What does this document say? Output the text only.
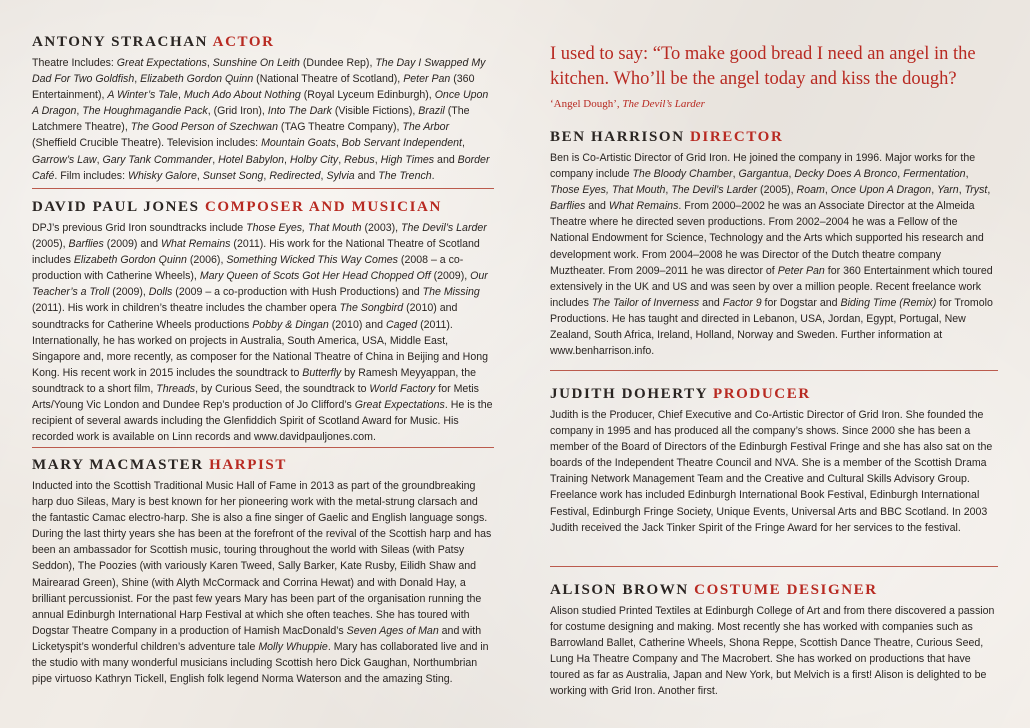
ANTONY STRACHAN ACTOR

Theatre Includes: Great Expectations, Sunshine On Leith (Dundee Rep), The Day I Swapped My Dad For Two Goldfish, Elizabeth Gordon Quinn (National Theatre of Scotland), Peter Pan (360 Entertainment), A Winter’s Tale, Much Ado About Nothing (Royal Lyceum Edinburgh), Once Upon A Dragon, The Houghmagandie Pack, (Grid Iron), Into The Dark (Visible Fictions), Brazil (The Latchmere Theatre), The Good Person of Szechwan (TAG Theatre Company), The Arbor (Sheffield Crucible Theatre). Television includes: Mountain Goats, Bob Servant Independent, Garrow’s Law, Gary Tank Commander, Hotel Babylon, Holby City, Rebus, High Times and Border Café. Film includes: Whisky Galore, Sunset Song, Redirected, Sylvia and The Trench.

DAVID PAUL JONES COMPOSER AND MUSICIAN

DPJ’s previous Grid Iron soundtracks include Those Eyes, That Mouth (2003), The Devil’s Larder (2005), Barflies (2009) and What Remains (2011). His work for the National Theatre of Scotland includes Elizabeth Gordon Quinn (2006), Something Wicked This Way Comes (2008 – a co-production with Catherine Wheels), Mary Queen of Scots Got Her Head Chopped Off (2009), Our Teacher’s a Troll (2009), Dolls (2009 – a co-production with Hush Productions) and The Missing (2011). His work in children’s theatre includes the chamber opera The Songbird (2010) and soundtracks for Catherine Wheels productions Pobby & Dingan (2010) and Caged (2011). Internationally, he has worked on projects in Australia, South America, USA, Middle East, Singapore and, more recently, as composer for the National Theatre of China in Beijing and Hong Kong. His recent work in 2015 includes the soundtrack to Butterfly by Ramesh Meyyappan, the soundtrack to a short film, Threads, by Curious Seed, the soundtrack to World Factory for Metis Arts/Young Vic London and Dundee Rep’s production of Jo Clifford’s Great Expectations. He is the recipient of several awards including the Glenfiddich Spirit of Scotland Award for Music. His recorded work is available on Linn records and www.davidpauljones.com.

MARY MACMASTER HARPIST

Inducted into the Scottish Traditional Music Hall of Fame in 2013 as part of the groundbreaking harp duo Sileas, Mary is best known for her pioneering work with the metal-strung clarsach and the fantastic Camac electro-harp. She is also a fine singer of Gaelic and English language songs. During the last thirty years she has been at the forefront of the revival of the Scottish harp and has been an ambassador for Scottish music, touring throughout the world with Sileas (with Patsy Seddon), The Poozies (with variously Karen Tweed, Sally Barker, Kate Rusby, Eilidh Shaw and Mairearad Green), Shine (with Alyth McCormack and Corrina Hewat) and with Donald Hay, a brilliant percussionist. For the past few years Mary has been part of the organisation running the annual Edinburgh International Harp Festival at which she often teaches. She has toured with Dogstar Theatre Company in a production of Hamish MacDonald’s Seven Ages of Man and with Licketyspit’s wonderful children’s adventure tale Molly Whuppie. Mary has collaborated live and in the studio with many wonderful musicians including Scottish hero Dick Gaughan, Northumbrian pipe virtuoso Kathryn Tickell, English folk legend Norma Waterson and the amazing Sting.

I used to say: “To make good bread I need an angel in the kitchen. Who’ll be the angel today and kiss the dough?

‘Angel Dough’, The Devil’s Larder

BEN HARRISON DIRECTOR

Ben is Co-Artistic Director of Grid Iron. He joined the company in 1996. Major works for the company include The Bloody Chamber, Gargantua, Decky Does A Bronco, Fermentation, Those Eyes, That Mouth, The Devil’s Larder (2005), Roam, Once Upon A Dragon, Yarn, Tryst, Barflies and What Remains. From 2000–2002 he was an Associate Director at the Almeida Theatre where he directed seven productions. From 2002–2004 he was a Fellow of the National Endowment for Science, Technology and the Arts which supported his research and development work. From 2004–2008 he was Director of the Dutch theatre company Muztheater. From 2009–2011 he was director of Peter Pan for 360 Entertainment which toured extensively in the UK and US and was seen by over a million people. Recent freelance work includes The Tailor of Inverness and Factor 9 for Dogstar and Biding Time (Remix) for Tromolo Productions. He has taught and directed in Lebanon, USA, Jordan, Egypt, Portugal, New Zealand, South Africa, Ireland, Holland, Norway and Sweden. Further information at www.benharrison.info.

JUDITH DOHERTY PRODUCER

Judith is the Producer, Chief Executive and Co-Artistic Director of Grid Iron. She founded the company in 1995 and has produced all the company’s shows. Since 2000 she has been a member of the Board of Directors of the Edinburgh Festival Fringe and she has also sat on the boards of the Independent Theatre Council and NVA. She is a member of the Scottish Drama Training Network Management Team and the Creative and Cultural Skills Advisory Group. Freelance work has included Edinburgh International Book Festival, Edinburgh International Festival, Edinburgh Fringe Society, Unique Events, Universal Arts and BBC Scotland. In 2003 Judith received the Jack Tinker Spirit of the Fringe Award for her services to the festival.

ALISON BROWN COSTUME DESIGNER

Alison studied Printed Textiles at Edinburgh College of Art and from there discovered a passion for costume designing and making. Most recently she has worked with companies such as Barrowland Ballet, Catherine Wheels, Shona Reppe, Scottish Dance Theatre, Curious Seed, Lung Ha Theatre Company and The Macrobert. She has worked on productions that have toured as far as Australia, Japan and New York, but Melvich is a first! Alison is delighted to be working with Grid Iron. Another first.
